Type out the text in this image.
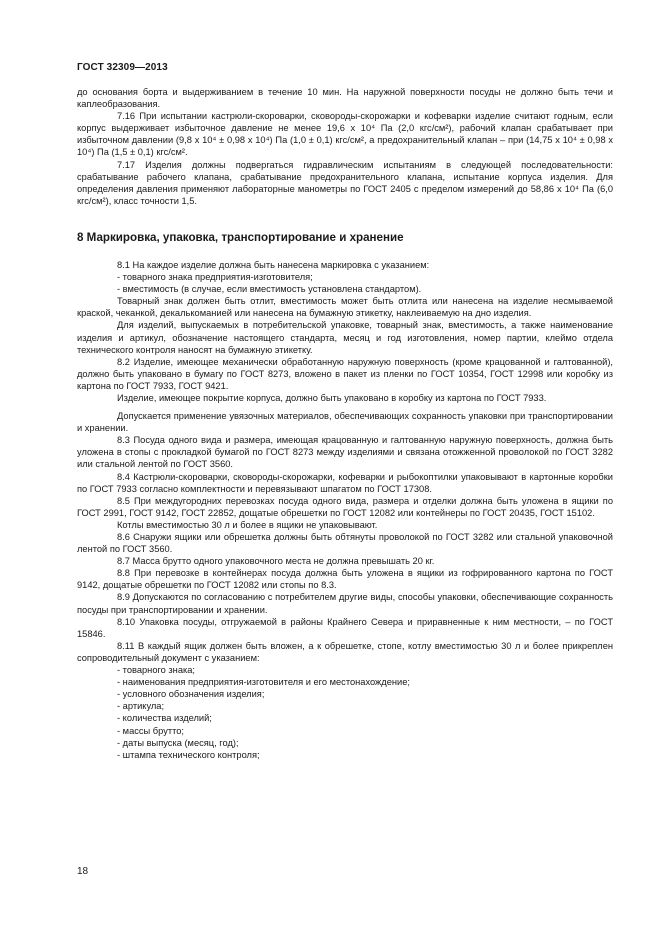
ГОСТ 32309—2013

до основания борта и выдерживанием в течение 10 мин. На наружной поверхности посуды не должно быть течи и каплеобразования.

7.16 При испытании кастрюли-скороварки, сковороды-скорожарки и кофеварки изделие считают годным, если корпус выдерживает избыточное давление не менее 19,6 x 10⁴ Па (2,0 кгс/см²), рабочий клапан срабатывает при избыточном давлении (9,8 x 10⁴ ± 0,98 x 10⁴) Па (1,0 ± 0,1) кгс/см², а предохранительный клапан – при (14,75 x 10⁴ ± 0,98 x 10⁴) Па (1,5 ± 0,1) кгс/см².

7.17 Изделия должны подвергаться гидравлическим испытаниям в следующей последовательности: срабатывание рабочего клапана, срабатывание предохранительного клапана, испытание корпуса изделия. Для определения давления применяют лабораторные манометры по ГОСТ 2405 с пределом измерений до 58,86 x 10⁴ Па (6,0 кгс/см²), класс точности 1,5.

8 Маркировка, упаковка, транспортирование и хранение

8.1 На каждое изделие должна быть нанесена маркировка с указанием:

- товарного знака предприятия-изготовителя;

- вместимость (в случае, если вместимость установлена стандартом).

Товарный знак должен быть отлит, вместимость может быть отлита или нанесена на изделие несмываемой краской, чеканкой, декалькоманией или нанесена на бумажную этикетку, наклеиваемую на дно изделия.

Для изделий, выпускаемых в потребительской упаковке, товарный знак, вместимость, а также наименование изделия и артикул, обозначение настоящего стандарта, месяц и год изготовления, номер партии, клеймо отдела технического контроля наносят на бумажную этикетку.

8.2 Изделие, имеющее механически обработанную наружную поверхность (кроме крацованной и галтованной), должно быть упаковано в бумагу по ГОСТ 8273, вложено в пакет из пленки по ГОСТ 10354, ГОСТ 12998 или коробку из картона по ГОСТ 7933, ГОСТ 9421.

Изделие, имеющее покрытие корпуса, должно быть упаковано в коробку из картона по ГОСТ 7933.

Допускается применение увязочных материалов, обеспечивающих сохранность упаковки при транспортировании и хранении.

8.3 Посуда одного вида и размера, имеющая крацованную и галтованную наружную поверхность, должна быть уложена в стопы с прокладкой бумагой по ГОСТ 8273 между изделиями и связана отожженной проволокой по ГОСТ 3282 или стальной лентой по ГОСТ 3560.

8.4 Кастрюли-скороварки, сковороды-скорожарки, кофеварки и рыбокоптилки упаковывают в картонные коробки по ГОСТ 7933 согласно комплектности и перевязывают шпагатом по ГОСТ 17308.

8.5 При междугородних перевозках посуда одного вида, размера и отделки должна быть уложена в ящики по ГОСТ 2991, ГОСТ 9142, ГОСТ 22852, дощатые обрешетки по ГОСТ 12082 или контейнеры по ГОСТ 20435, ГОСТ 15102.

Котлы вместимостью 30 л и более в ящики не упаковывают.

8.6 Снаружи ящики или обрешетка должны быть обтянуты проволокой по ГОСТ 3282 или стальной упаковочной лентой по ГОСТ 3560.

8.7 Масса брутто одного упаковочного места не должна превышать 20 кг.

8.8 При перевозке в контейнерах посуда должна быть уложена в ящики из гофрированного картона по ГОСТ 9142, дощатые обрешетки по ГОСТ 12082 или стопы по 8.3.

8.9 Допускаются по согласованию с потребителем другие виды, способы упаковки, обеспечивающие сохранность посуды при транспортировании и хранении.

8.10 Упаковка посуды, отгружаемой в районы Крайнего Севера и приравненные к ним местности, – по ГОСТ 15846.

8.11 В каждый ящик должен быть вложен, а к обрешетке, стопе, котлу вместимостью 30 л и более прикреплен сопроводительный документ с указанием:

- товарного знака;

- наименования предприятия-изготовителя и его местонахождение;

- условного обозначения изделия;

- артикула;

- количества изделий;

- массы брутто;

- даты выпуска (месяц, год);

- штампа технического контроля;

18
